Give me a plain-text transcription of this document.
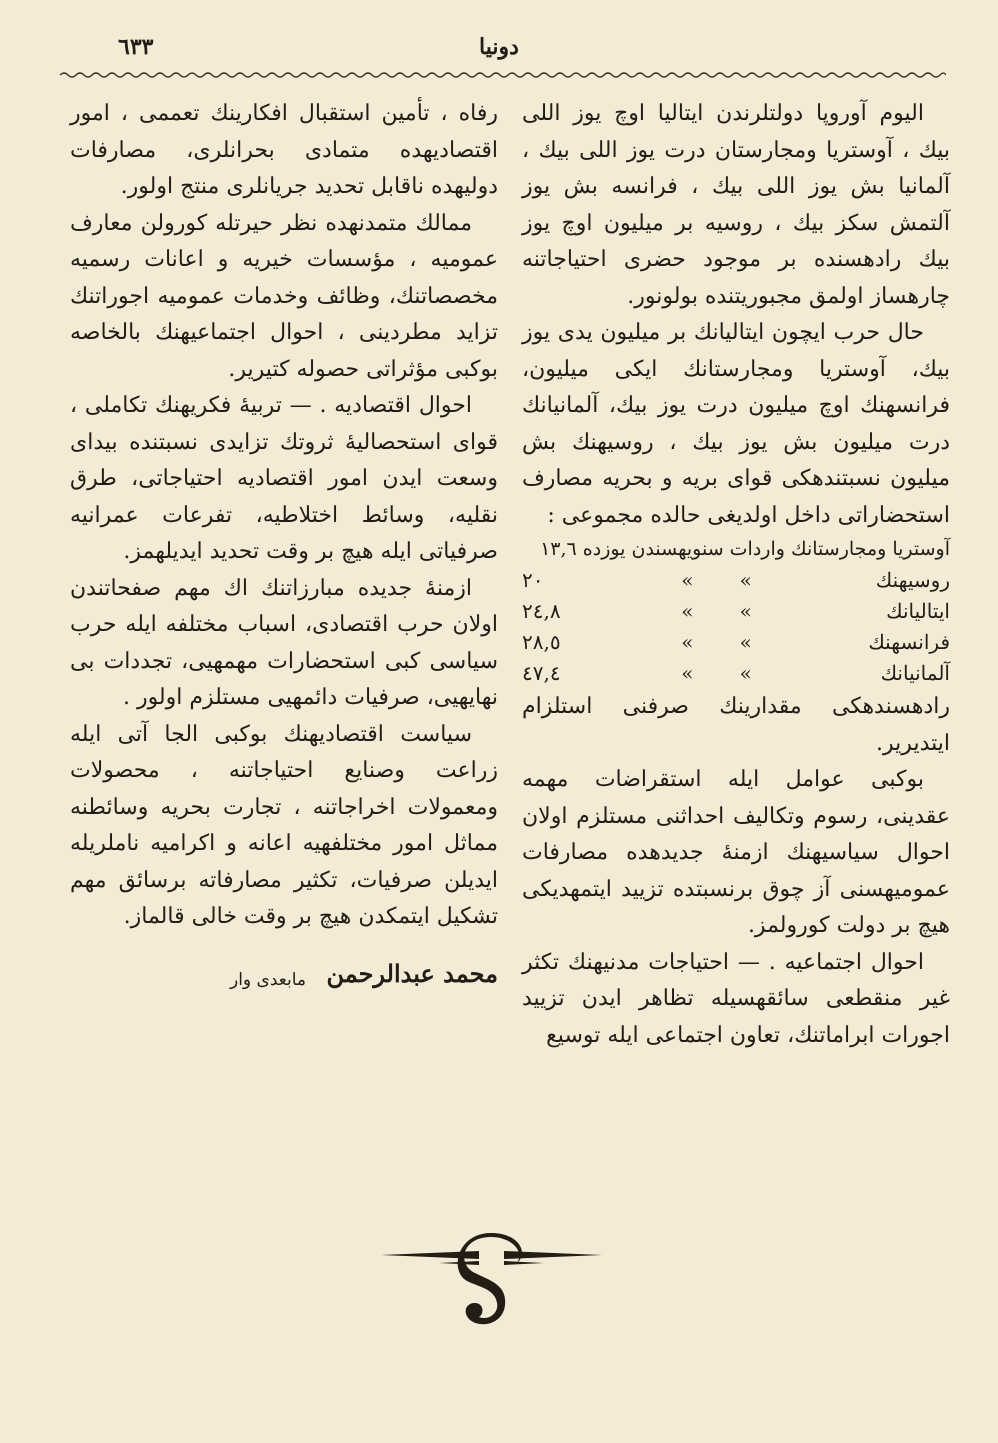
٦٣٣	دونیا

الیوم آوروپا دولتلرندن ایتالیا اوچ یوز اللی بیك ، آوستریا ومجارستان درت یوز اللی بیك ، آلمانیا بش یوز اللی بیك ، فرانسه بش یوز آلتمش سکز بیك ، روسیه بر میلیون اوچ یوز بیك رادهسنده بر موجود حضری احتیاجاتنه چارهساز اولمق مجبوریتنده بولونور.

حال حرب ایچون ایتالیانك بر میلیون یدی یوز بیك، آوستریا ومجارستانك ایکی میلیون، فرانسهنك اوچ میلیون درت یوز بیك، آلمانیانك درت میلیون بش یوز بیك ، روسیهنك بش میلیون نسبتندهکی قوای بریه و بحریه مصارف استحضاراتی داخل اولدیغی حالده مجموعی :

آوستریا ومجارستانك واردات سنویهسندن یوزده ١٣,٦			
روسیهنك	»	»	٢٠
ایتالیانك	»	»	٢٤,٨
فرانسهنك	»	»	٢٨,٥
آلمانیانك	»	»	٤٧,٤

رادهسندهکی مقدارینك صرفنی استلزام ایتدیریر.

بوکبی عوامل ایله استقراضات مهمه عقدینی، رسوم وتکالیف احداثنی مستلزم اولان احوال سیاسیهنك ازمنهٔ جدیدهده مصارفات عمومیهسنی آز چوق برنسبتده تزیید ایتمهدیکی هیچ بر دولت کورولمز.

احوال اجتماعیه . — احتیاجات مدنیهنك تکثر غیر منقطعی سائقهسیله تظاهر ایدن تزیید اجورات ابراماتنك، تعاون اجتماعی ایله توسیع

رفاه ، تأمین استقبال افکارینك تعممی ، امور اقتصادیهده متمادی بحرانلری، مصارفات دولیهده ناقابل تحدید جریانلری منتج اولور.

ممالك متمدنهده نظر حیرتله کورولن معارف عمومیه ، مؤسسات خیریه و اعانات رسمیه مخصصاتنك، وظائف وخدمات عمومیه اجوراتنك تزاید مطردینی ، احوال اجتماعیهنك بالخاصه بوکبی مؤثراتی حصوله کتیریر.

احوال اقتصادیه . — تربیهٔ فکریهنك تکاملی ، قوای استحصالیهٔ ثروتك تزایدی نسبتنده بیدای وسعت ایدن امور اقتصادیه احتیاجاتی، طرق نقلیه، وسائط اختلاطیه، تفرعات عمرانیه صرفیاتی ایله هیچ بر وقت تحدید ایدیلهمز.

ازمنهٔ جدیده مبارزاتنك اك مهم صفحاتندن اولان حرب اقتصادی، اسباب مختلفه ایله حرب سیاسی کبی استحضارات مهمهیی، تجددات بی نهایهیی، صرفیات دائمهیی مستلزم اولور .

سیاست اقتصادیهنك بوکبی الجا آتی ایله زراعت وصنایع احتیاجاتنه ، محصولات ومعمولات اخراجاتنه ، تجارت بحریه وسائطنه مماثل امور مختلفهیه اعانه و اکرامیه ناملریله ایدیلن صرفیات، تکثیر مصارفاته برسائق مهم تشکیل ایتمکدن هیچ بر وقت خالی قالماز.

محمد عبدالرحمن
مابعدی وار
